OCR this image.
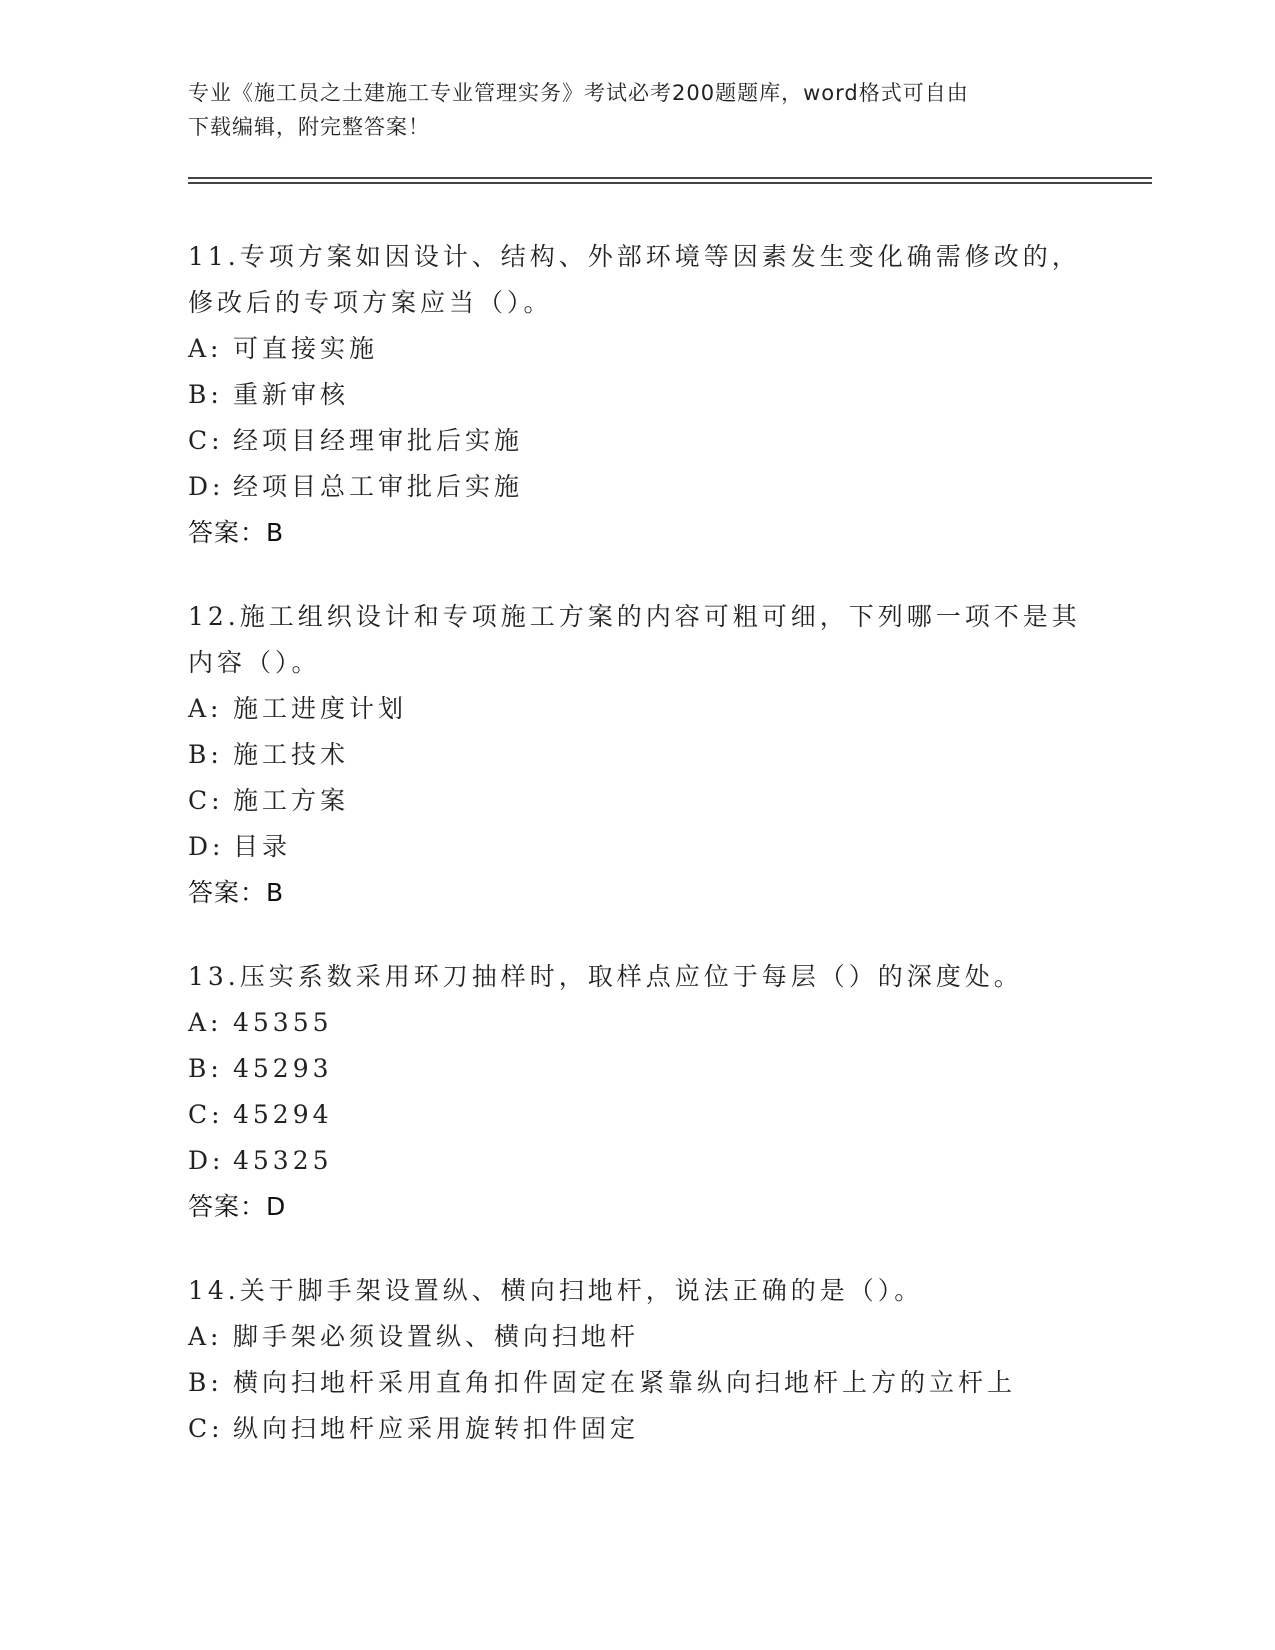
专业《施工员之土建施工专业管理实务》考试必考200题题库，word格式可自由
下载编辑，附完整答案！
11.专项方案如因设计、结构、外部环境等因素发生变化确需修改的，
修改后的专项方案应当（）。
A: 可直接实施
B: 重新审核
C: 经项目经理审批后实施
D: 经项目总工审批后实施
答案：B
12.施工组织设计和专项施工方案的内容可粗可细，下列哪一项不是其
内容（）。
A: 施工进度计划
B: 施工技术
C: 施工方案
D: 目录
答案：B
13.压实系数采用环刀抽样时，取样点应位于每层（）的深度处。
A: 45355
B: 45293
C: 45294
D: 45325
答案：D
14.关于脚手架设置纵、横向扫地杆，说法正确的是（）。
A: 脚手架必须设置纵、横向扫地杆
B: 横向扫地杆采用直角扣件固定在紧靠纵向扫地杆上方的立杆上
C: 纵向扫地杆应采用旋转扣件固定
